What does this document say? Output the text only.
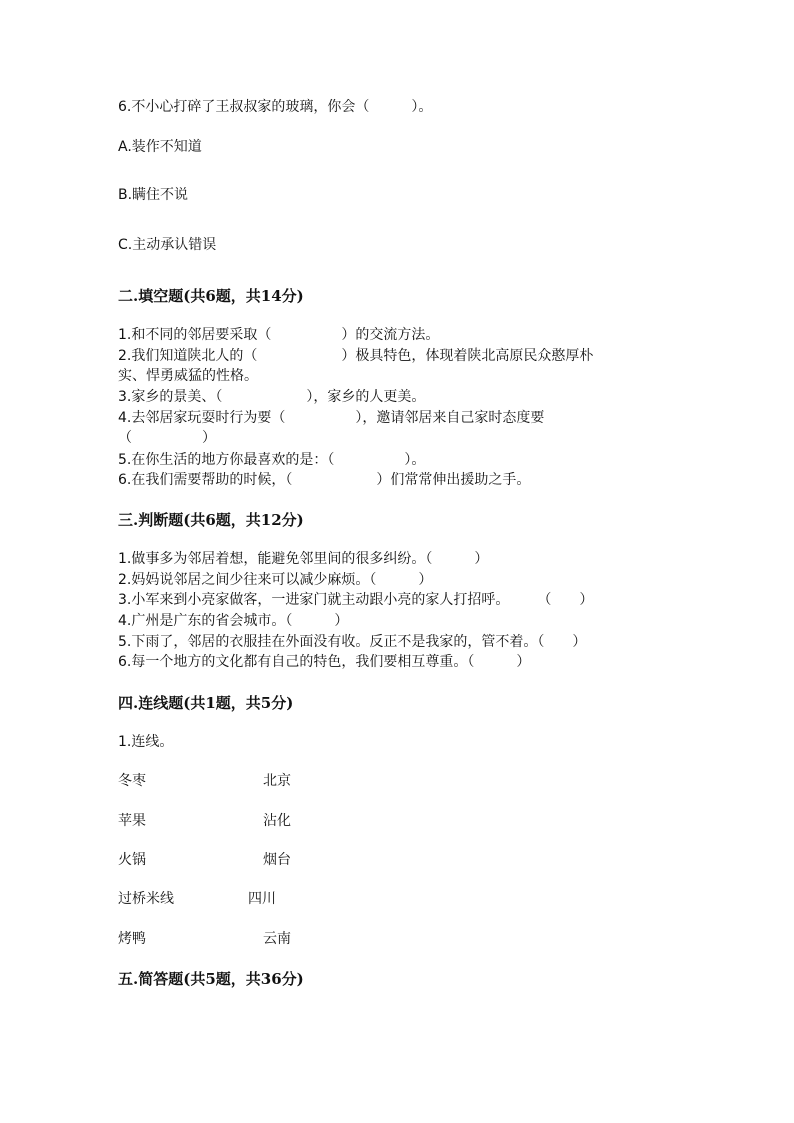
6.不小心打碎了王叔叔家的玻璃，你会（　　　）。
A.装作不知道
B.瞒住不说
C.主动承认错误
二.填空题(共6题，共14分)
1.和不同的邻居要采取（　　　　　）的交流方法。
2.我们知道陕北人的（　　　　　　）极具特色，体现着陕北高原民众憨厚朴
实、悍勇威猛的性格。
3.家乡的景美、（　　　　　　），家乡的人更美。
4.去邻居家玩耍时行为要（　　　　　），邀请邻居来自己家时态度要
（　　　　　）
5.在你生活的地方你最喜欢的是：（　　　　　）。
6.在我们需要帮助的时候，（　　　　　　）们常常伸出援助之手。
三.判断题(共6题，共12分)
1.做事多为邻居着想，能避免邻里间的很多纠纷。（　　　）
2.妈妈说邻居之间少往来可以减少麻烦。（　　　）
3.小军来到小亮家做客，一进家门就主动跟小亮的家人打招呼。　　　（　　）
4.广州是广东的省会城市。（　　　）
5.下雨了，邻居的衣服挂在外面没有收。反正不是我家的，管不着。（　　）
6.每一个地方的文化都有自己的特色，我们要相互尊重。（　　　）
四.连线题(共1题，共5分)
1.连线。
冬枣	北京
苹果	沾化
火锅	烟台
过桥米线	四川
烤鸭	云南
五.简答题(共5题，共36分)
